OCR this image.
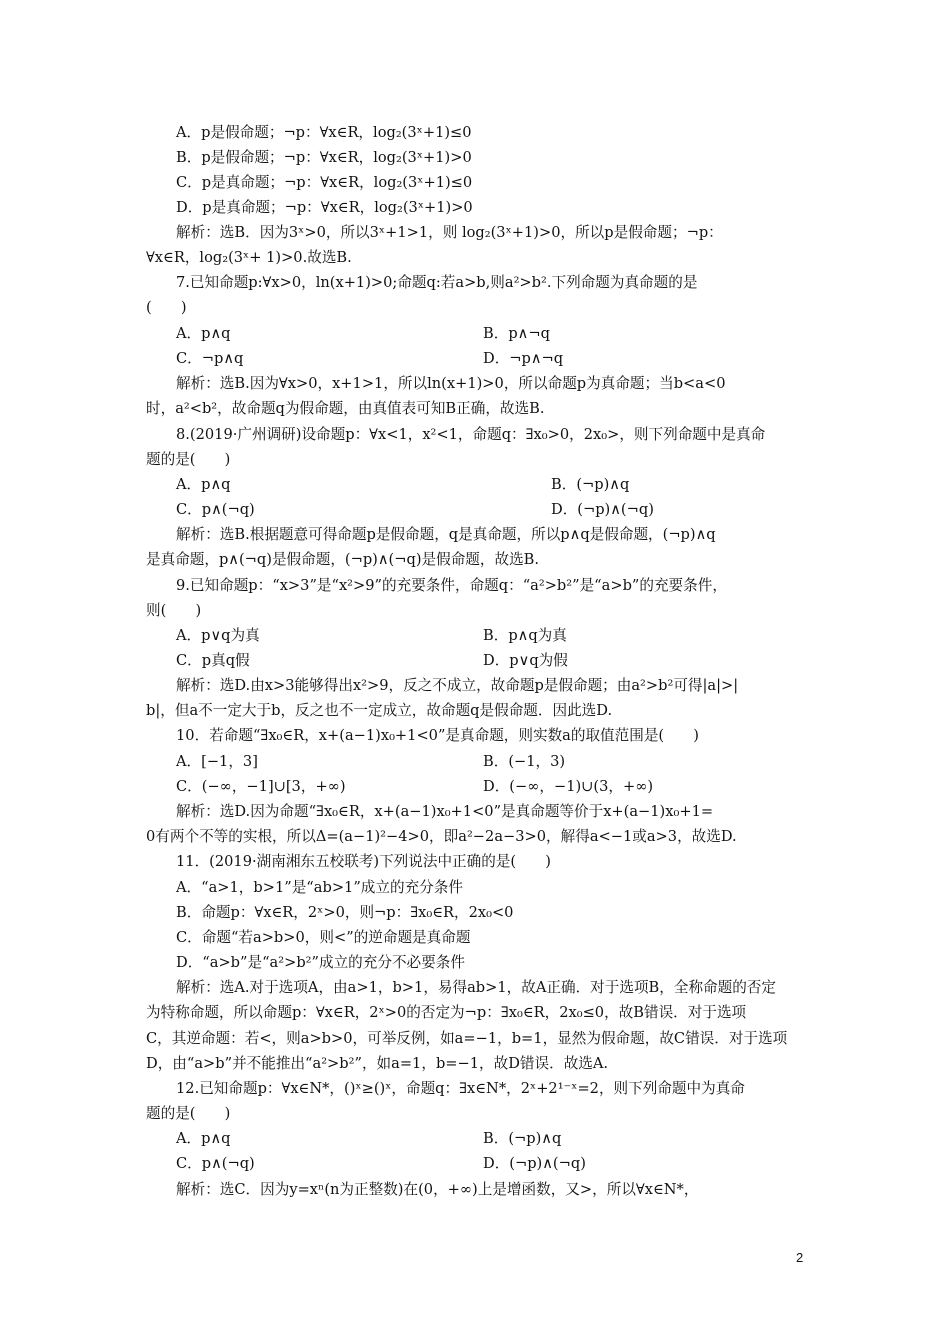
A．p是假命题；¬p：∀x∈R，log₂(3ˣ+1)≤0
B．p是假命题；¬p：∀x∈R，log₂(3ˣ+1)>0
C．p是真命题；¬p：∀x∈R，log₂(3ˣ+1)≤0
D．p是真命题；¬p：∀x∈R，log₂(3ˣ+1)>0
解析：选B．因为3ˣ>0，所以3ˣ+1>1，则 log₂(3ˣ+1)>0，所以p是假命题；¬p：
∀x∈R，log₂(3ˣ+ 1)>0.故选B.
7.已知命题p:∀x>0，ln(x+1)>0;命题q:若a>b,则a²>b².下列命题为真命题的是
(　　)
A．p∧q	B．p∧¬q
C．¬p∧q	D．¬p∧¬q
解析：选B.因为∀x>0，x+1>1，所以ln(x+1)>0，所以命题p为真命题；当b<a<0
时，a²<b²，故命题q为假命题，由真值表可知B正确，故选B.
8.(2019·广州调研)设命题p：∀x<1，x²<1，命题q：∃x₀>0，2x₀>，则下列命题中是真命
题的是(　　)
A．p∧q	B．(¬p)∧q
C．p∧(¬q)	D．(¬p)∧(¬q)
解析：选B.根据题意可得命题p是假命题，q是真命题，所以p∧q是假命题，(¬p)∧q
是真命题，p∧(¬q)是假命题，(¬p)∧(¬q)是假命题，故选B.
9.已知命题p：“x>3”是“x²>9”的充要条件，命题q：“a²>b²”是“a>b”的充要条件，
则(　　)
A．p∨q为真	B．p∧q为真
C．p真q假	D．p∨q为假
解析：选D.由x>3能够得出x²>9，反之不成立，故命题p是假命题；由a²>b²可得|a|>|
b|，但a不一定大于b，反之也不一定成立，故命题q是假命题．因此选D.
10．若命题“∃x₀∈R，x+(a−1)x₀+1<0”是真命题，则实数a的取值范围是(　　)
A．[−1，3]	B．(−1，3)
C．(−∞，−1]∪[3，+∞)	D．(−∞，−1)∪(3，+∞)
解析：选D.因为命题“∃x₀∈R，x+(a−1)x₀+1<0”是真命题等价于x+(a−1)x₀+1=
0有两个不等的实根，所以Δ=(a−1)²−4>0，即a²−2a−3>0，解得a<−1或a>3，故选D.
11．(2019·湖南湘东五校联考)下列说法中正确的是(　　)
A．“a>1，b>1”是“ab>1”成立的充分条件
B．命题p：∀x∈R，2ˣ>0，则¬p：∃x₀∈R，2x₀<0
C．命题“若a>b>0，则<”的逆命题是真命题
D．“a>b”是“a²>b²”成立的充分不必要条件
解析：选A.对于选项A，由a>1，b>1，易得ab>1，故A正确．对于选项B，全称命题的否定
为特称命题，所以命题p：∀x∈R，2ˣ>0的否定为¬p：∃x₀∈R，2x₀≤0，故B错误．对于选项
C，其逆命题：若<，则a>b>0，可举反例，如a=−1，b=1，显然为假命题，故C错误．对于选项
D，由“a>b”并不能推出“a²>b²”，如a=1，b=−1，故D错误．故选A.
12.已知命题p：∀x∈N*，()ˣ≥()ˣ，命题q：∃x∈N*，2ˣ+2¹⁻ˣ=2，则下列命题中为真命
题的是(　　)
A．p∧q	B．(¬p)∧q
C．p∧(¬q)	D．(¬p)∧(¬q)
解析：选C．因为y=xⁿ(n为正整数)在(0，+∞)上是增函数，又>，所以∀x∈N*，
2
